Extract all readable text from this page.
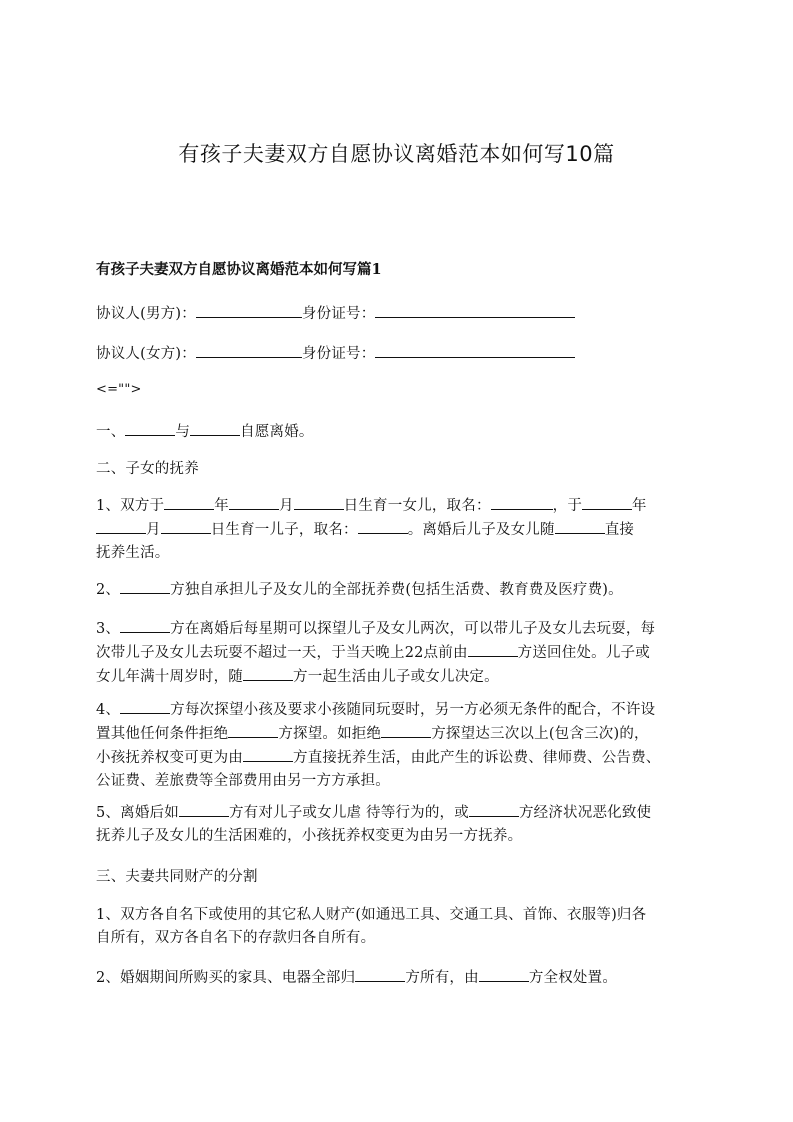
有孩子夫妻双方自愿协议离婚范本如何写10篇
有孩子夫妻双方自愿协议离婚范本如何写篇1
协议人(男方)：	身份证号：
协议人(女方)：	身份证号：
<="">
一、	与	自愿离婚。
二、子女的抚养
1、双方于	年	月	日生育一女儿，取名：	，于	年
月	日生育一儿子，取名：	。离婚后儿子及女儿随	直接
抚养生活。
2、	方独自承担儿子及女儿的全部抚养费(包括生活费、教育费及医疗费)。
3、	方在离婚后每星期可以探望儿子及女儿两次，可以带儿子及女儿去玩耍，每
次带儿子及女儿去玩耍不超过一天，于当天晚上22点前由	方送回住处。儿子或
女儿年满十周岁时，随	方一起生活由儿子或女儿决定。
4、	方每次探望小孩及要求小孩随同玩耍时，另一方必须无条件的配合，不许设
置其他任何条件拒绝	方探望。如拒绝	方探望达三次以上(包含三次)的，
小孩抚养权变可更为由	方直接抚养生活，由此产生的诉讼费、律师费、公告费、
公证费、差旅费等全部费用由另一方方承担。
5、离婚后如	方有对儿子或女儿虐 待等行为的，或	方经济状况恶化致使
抚养儿子及女儿的生活困难的，小孩抚养权变更为由另一方抚养。
三、夫妻共同财产的分割
1、双方各自名下或使用的其它私人财产(如通迅工具、交通工具、首饰、衣服等)归各
自所有，双方各自名下的存款归各自所有。
2、婚姻期间所购买的家具、电器全部归	方所有，由	方全权处置。
